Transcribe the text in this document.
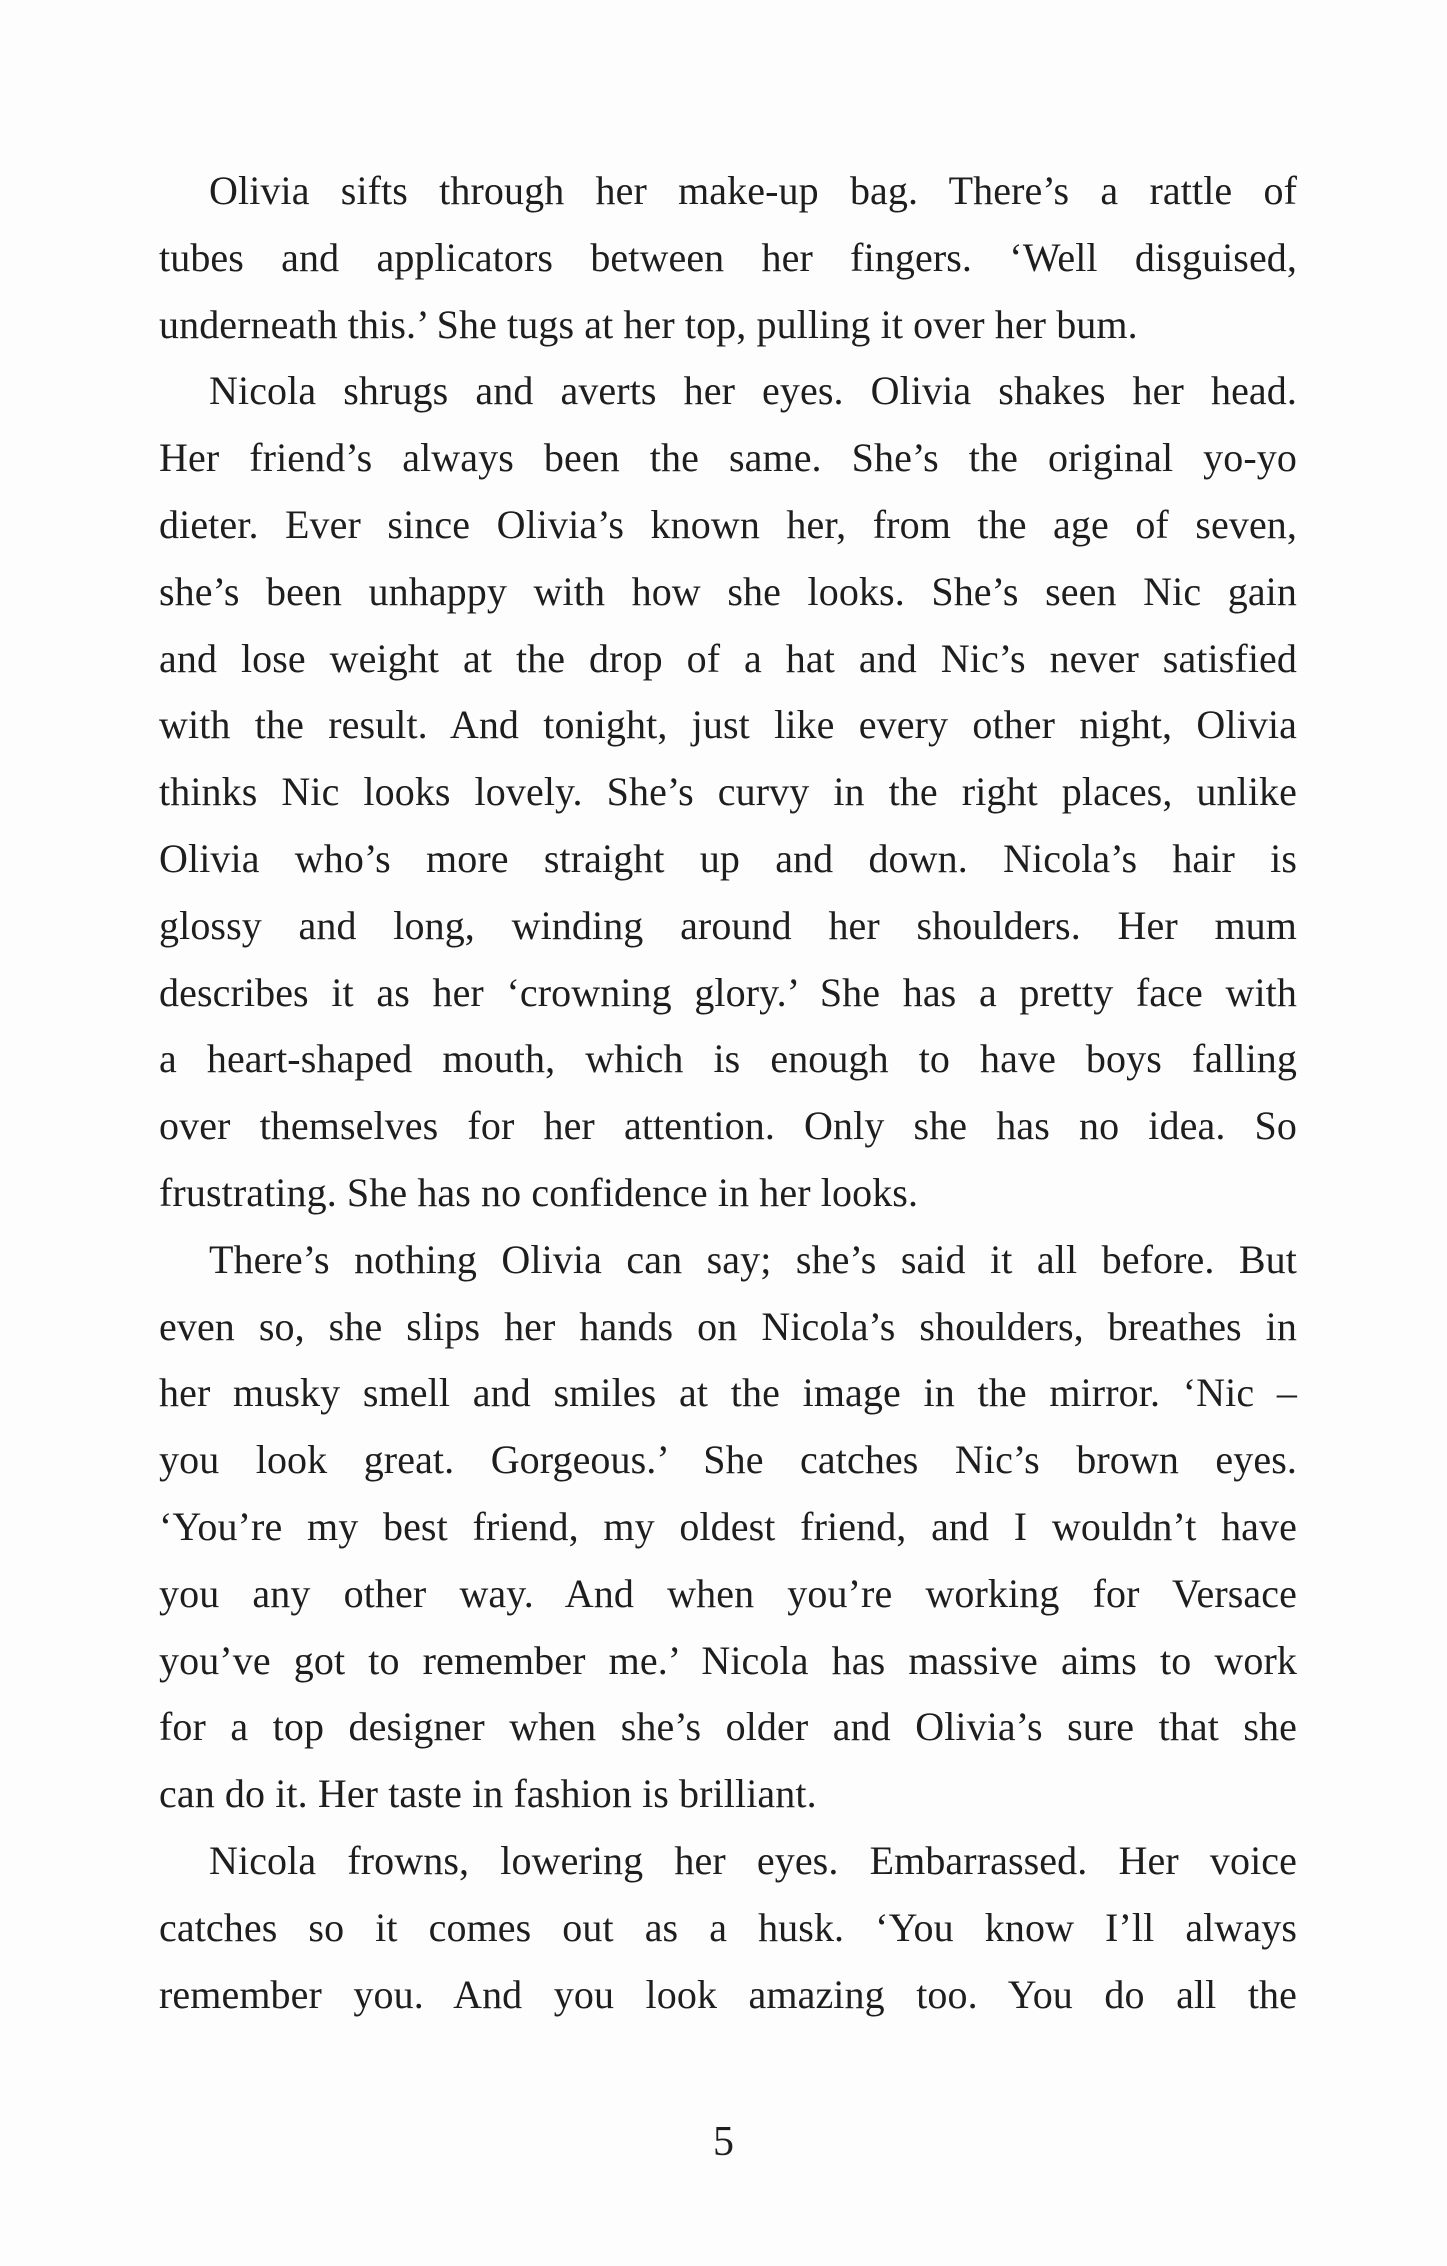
Olivia sifts through her make-up bag. There’s a rattle of
tubes and applicators between her fingers. ‘Well disguised,
underneath this.’ She tugs at her top, pulling it over her bum.
Nicola shrugs and averts her eyes. Olivia shakes her head.
Her friend’s always been the same. She’s the original yo-yo
dieter. Ever since Olivia’s known her, from the age of seven,
she’s been unhappy with how she looks. She’s seen Nic gain
and lose weight at the drop of a hat and Nic’s never satisfied
with the result. And tonight, just like every other night, Olivia
thinks Nic looks lovely. She’s curvy in the right places, unlike
Olivia who’s more straight up and down. Nicola’s hair is
glossy and long, winding around her shoulders. Her mum
describes it as her ‘crowning glory.’ She has a pretty face with
a heart-shaped mouth, which is enough to have boys falling
over themselves for her attention. Only she has no idea. So
frustrating. She has no confidence in her looks.
There’s nothing Olivia can say; she’s said it all before. But
even so, she slips her hands on Nicola’s shoulders, breathes in
her musky smell and smiles at the image in the mirror. ‘Nic –
you look great. Gorgeous.’ She catches Nic’s brown eyes.
‘You’re my best friend, my oldest friend, and I wouldn’t have
you any other way. And when you’re working for Versace
you’ve got to remember me.’ Nicola has massive aims to work
for a top designer when she’s older and Olivia’s sure that she
can do it. Her taste in fashion is brilliant.
Nicola frowns, lowering her eyes. Embarrassed. Her voice
catches so it comes out as a husk. ‘You know I’ll always
remember you. And you look amazing too. You do all the
5
